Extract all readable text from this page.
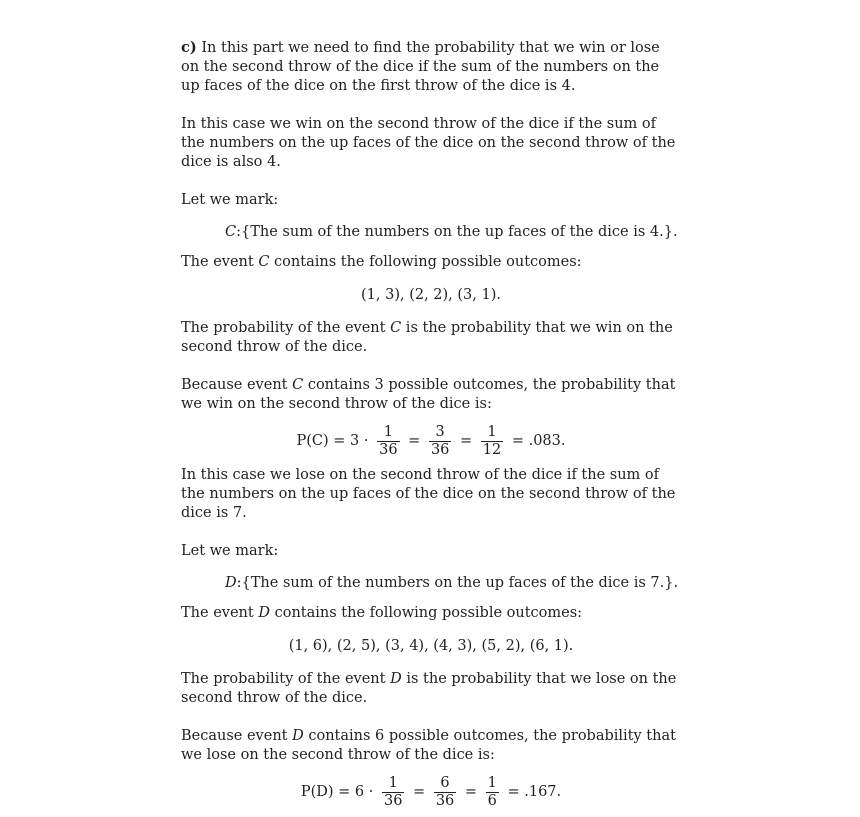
c) In this part we need to find the probability that we win or lose on the second throw of the dice if the sum of the numbers on the up faces of the dice on the first throw of the dice is 4.

In this case we win on the second throw of the dice if the sum of the numbers on the up faces of the dice on the second throw of the dice is also 4.

Let we mark:

C:{The sum of the numbers on the up faces of the dice is 4.}.

The event C contains the following possible outcomes:

(1, 3), (2, 2), (3, 1).

The probability of the event C is the probability that we win on the second throw of the dice.

Because event C contains 3 possible outcomes, the probability that we win on the second throw of the dice is:

$P(C) = 3 \cdot \frac{1}{36} = \frac{3}{36} = \frac{1}{12} = .083$.

In this case we lose on the second throw of the dice if the sum of the numbers on the up faces of the dice on the second throw of the dice is 7.

Let we mark:

D:{The sum of the numbers on the up faces of the dice is 7.}.

The event D contains the following possible outcomes:

(1, 6), (2, 5), (3, 4), (4, 3), (5, 2), (6, 1).

The probability of the event D is the probability that we lose on the second throw of the dice.

Because event D contains 6 possible outcomes, the probability that we lose on the second throw of the dice is:

$P(D) = 6 \cdot \frac{1}{36} = \frac{6}{36} = \frac{1}{6} = .167$.
